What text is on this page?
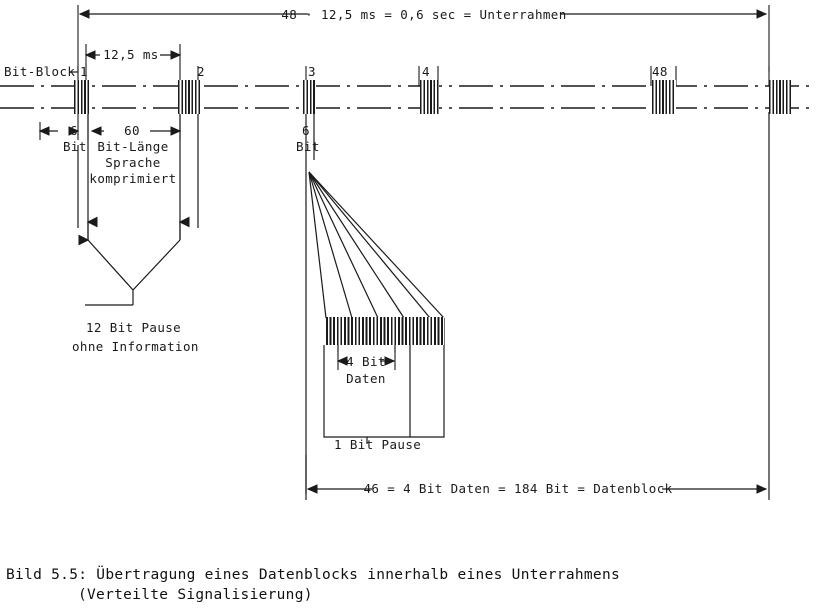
48 · 12,5 ms = 0,6 sec = Unterrahmen
12,5 ms
Bit-Block 1	2	3	4	48
6
Bit
60
Bit-Länge
Sprache
komprimiert
6
Bit
12 Bit Pause
ohne Information
4 Bit
Daten
1 Bit Pause
46 = 4 Bit Daten = 184 Bit = Datenblock
Bild 5.5: Übertragung eines Datenblocks innerhalb eines Unterrahmens
(Verteilte Signalisierung)
